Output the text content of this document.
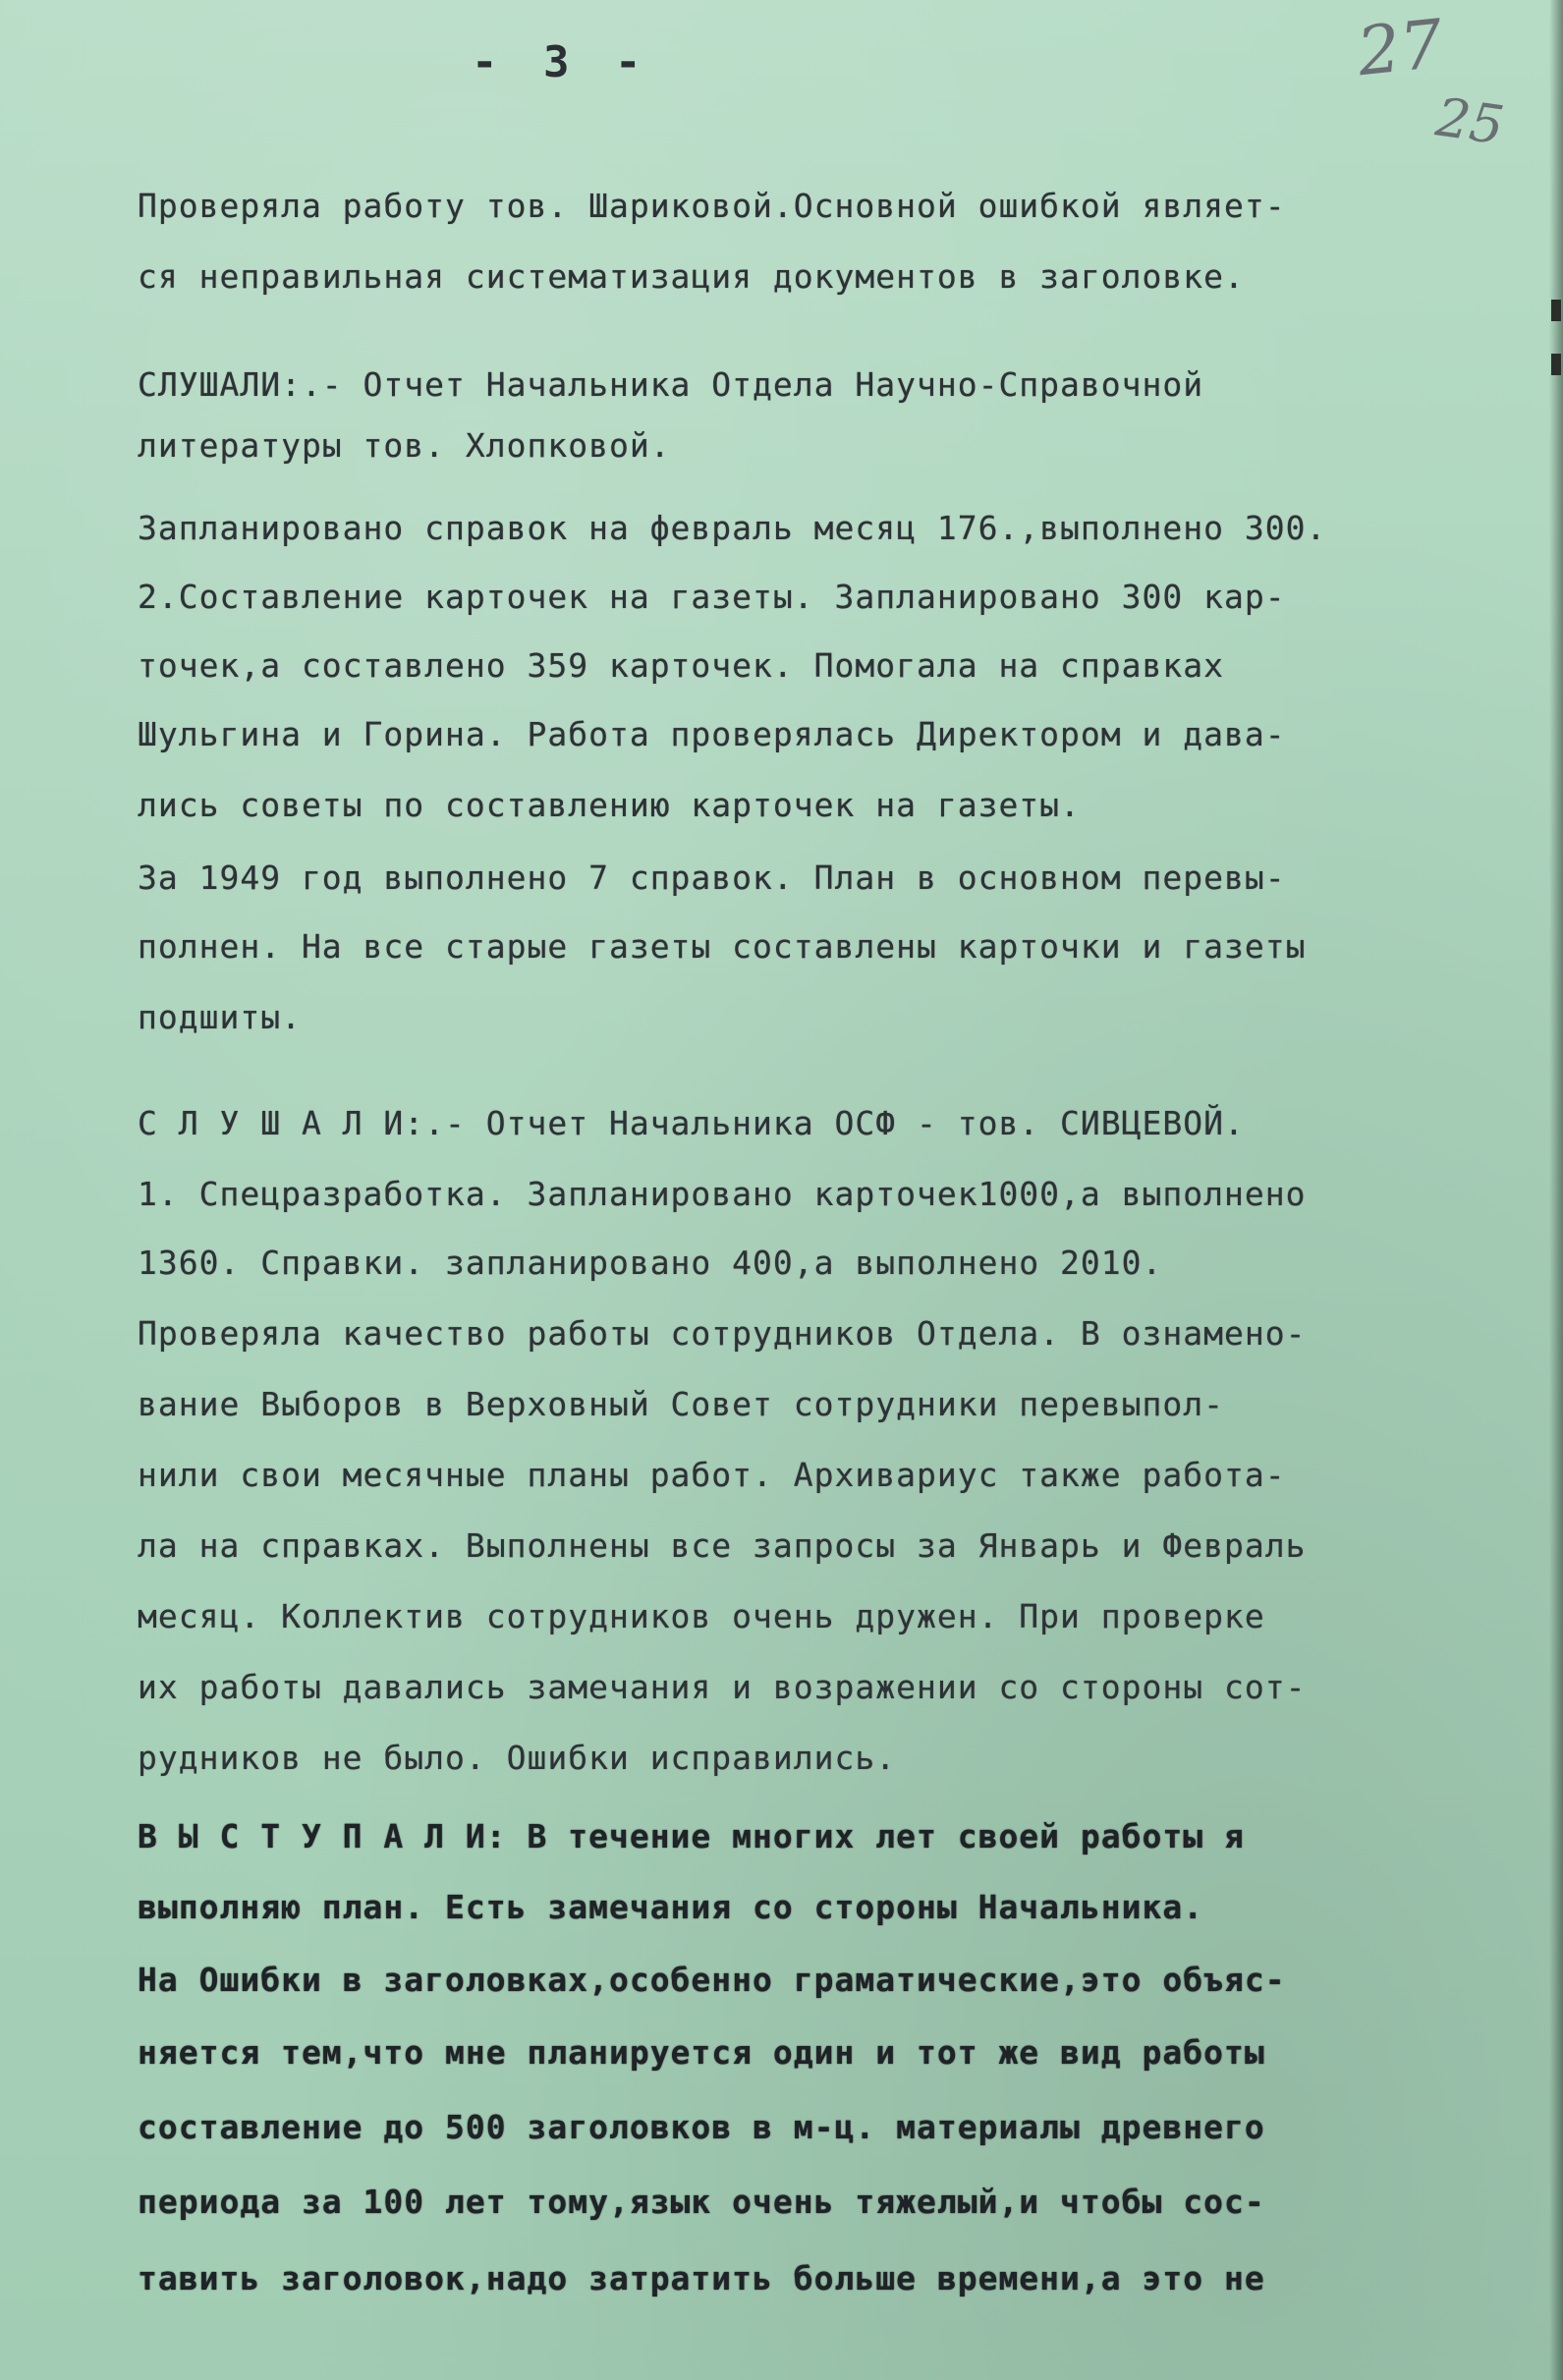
- 3 -	27
25

Проверяла работу тов. Шариковой.Основной ошибкой являет-

ся неправильная систематизация документов в заголовке.

СЛУШАЛИ:.- Отчет Начальника Отдела Научно-Справочной

литературы тов. Хлопковой.

Запланировано справок на февраль месяц 176.,выполнено 300.

2.Составление карточек на газеты. Запланировано 300 кар-

точек,а составлено 359 карточек. Помогала на справках

Шульгина и Горина. Работа проверялась Директором и дава-

лись советы по составлению карточек на газеты.

За 1949 год выполнено 7 справок. План в основном перевы-

полнен. На все старые газеты составлены карточки и газеты

подшиты.

С Л У Ш А Л И:.- Отчет Начальника ОСФ - тов. СИВЦЕВОЙ.

1. Спецразработка. Запланировано карточек1000,а выполнено

1360. Справки. запланировано 400,а выполнено 2010.

Проверяла качество работы сотрудников Отдела. В ознамено-

вание Выборов в Верховный Совет сотрудники перевыпол-

нили свои месячные планы работ. Архивариус также работа-

ла на справках. Выполнены все запросы за Январь и Февраль

месяц. Коллектив сотрудников очень дружен. При проверке

их работы давались замечания и возражении со стороны сот-

рудников не было. Ошибки исправились.

В Ы С Т У П А Л И: В течение многих лет своей работы я

выполняю план. Есть замечания со стороны Начальника.

На Ошибки в заголовках,особенно граматические,это объяс-

няется тем,что мне планируется один и тот же вид работы

составление до 500 заголовков в м-ц. материалы древнего

периода за 100 лет тому,язык очень тяжелый,и чтобы сос-

тавить заголовок,надо затратить больше времени,а это не
